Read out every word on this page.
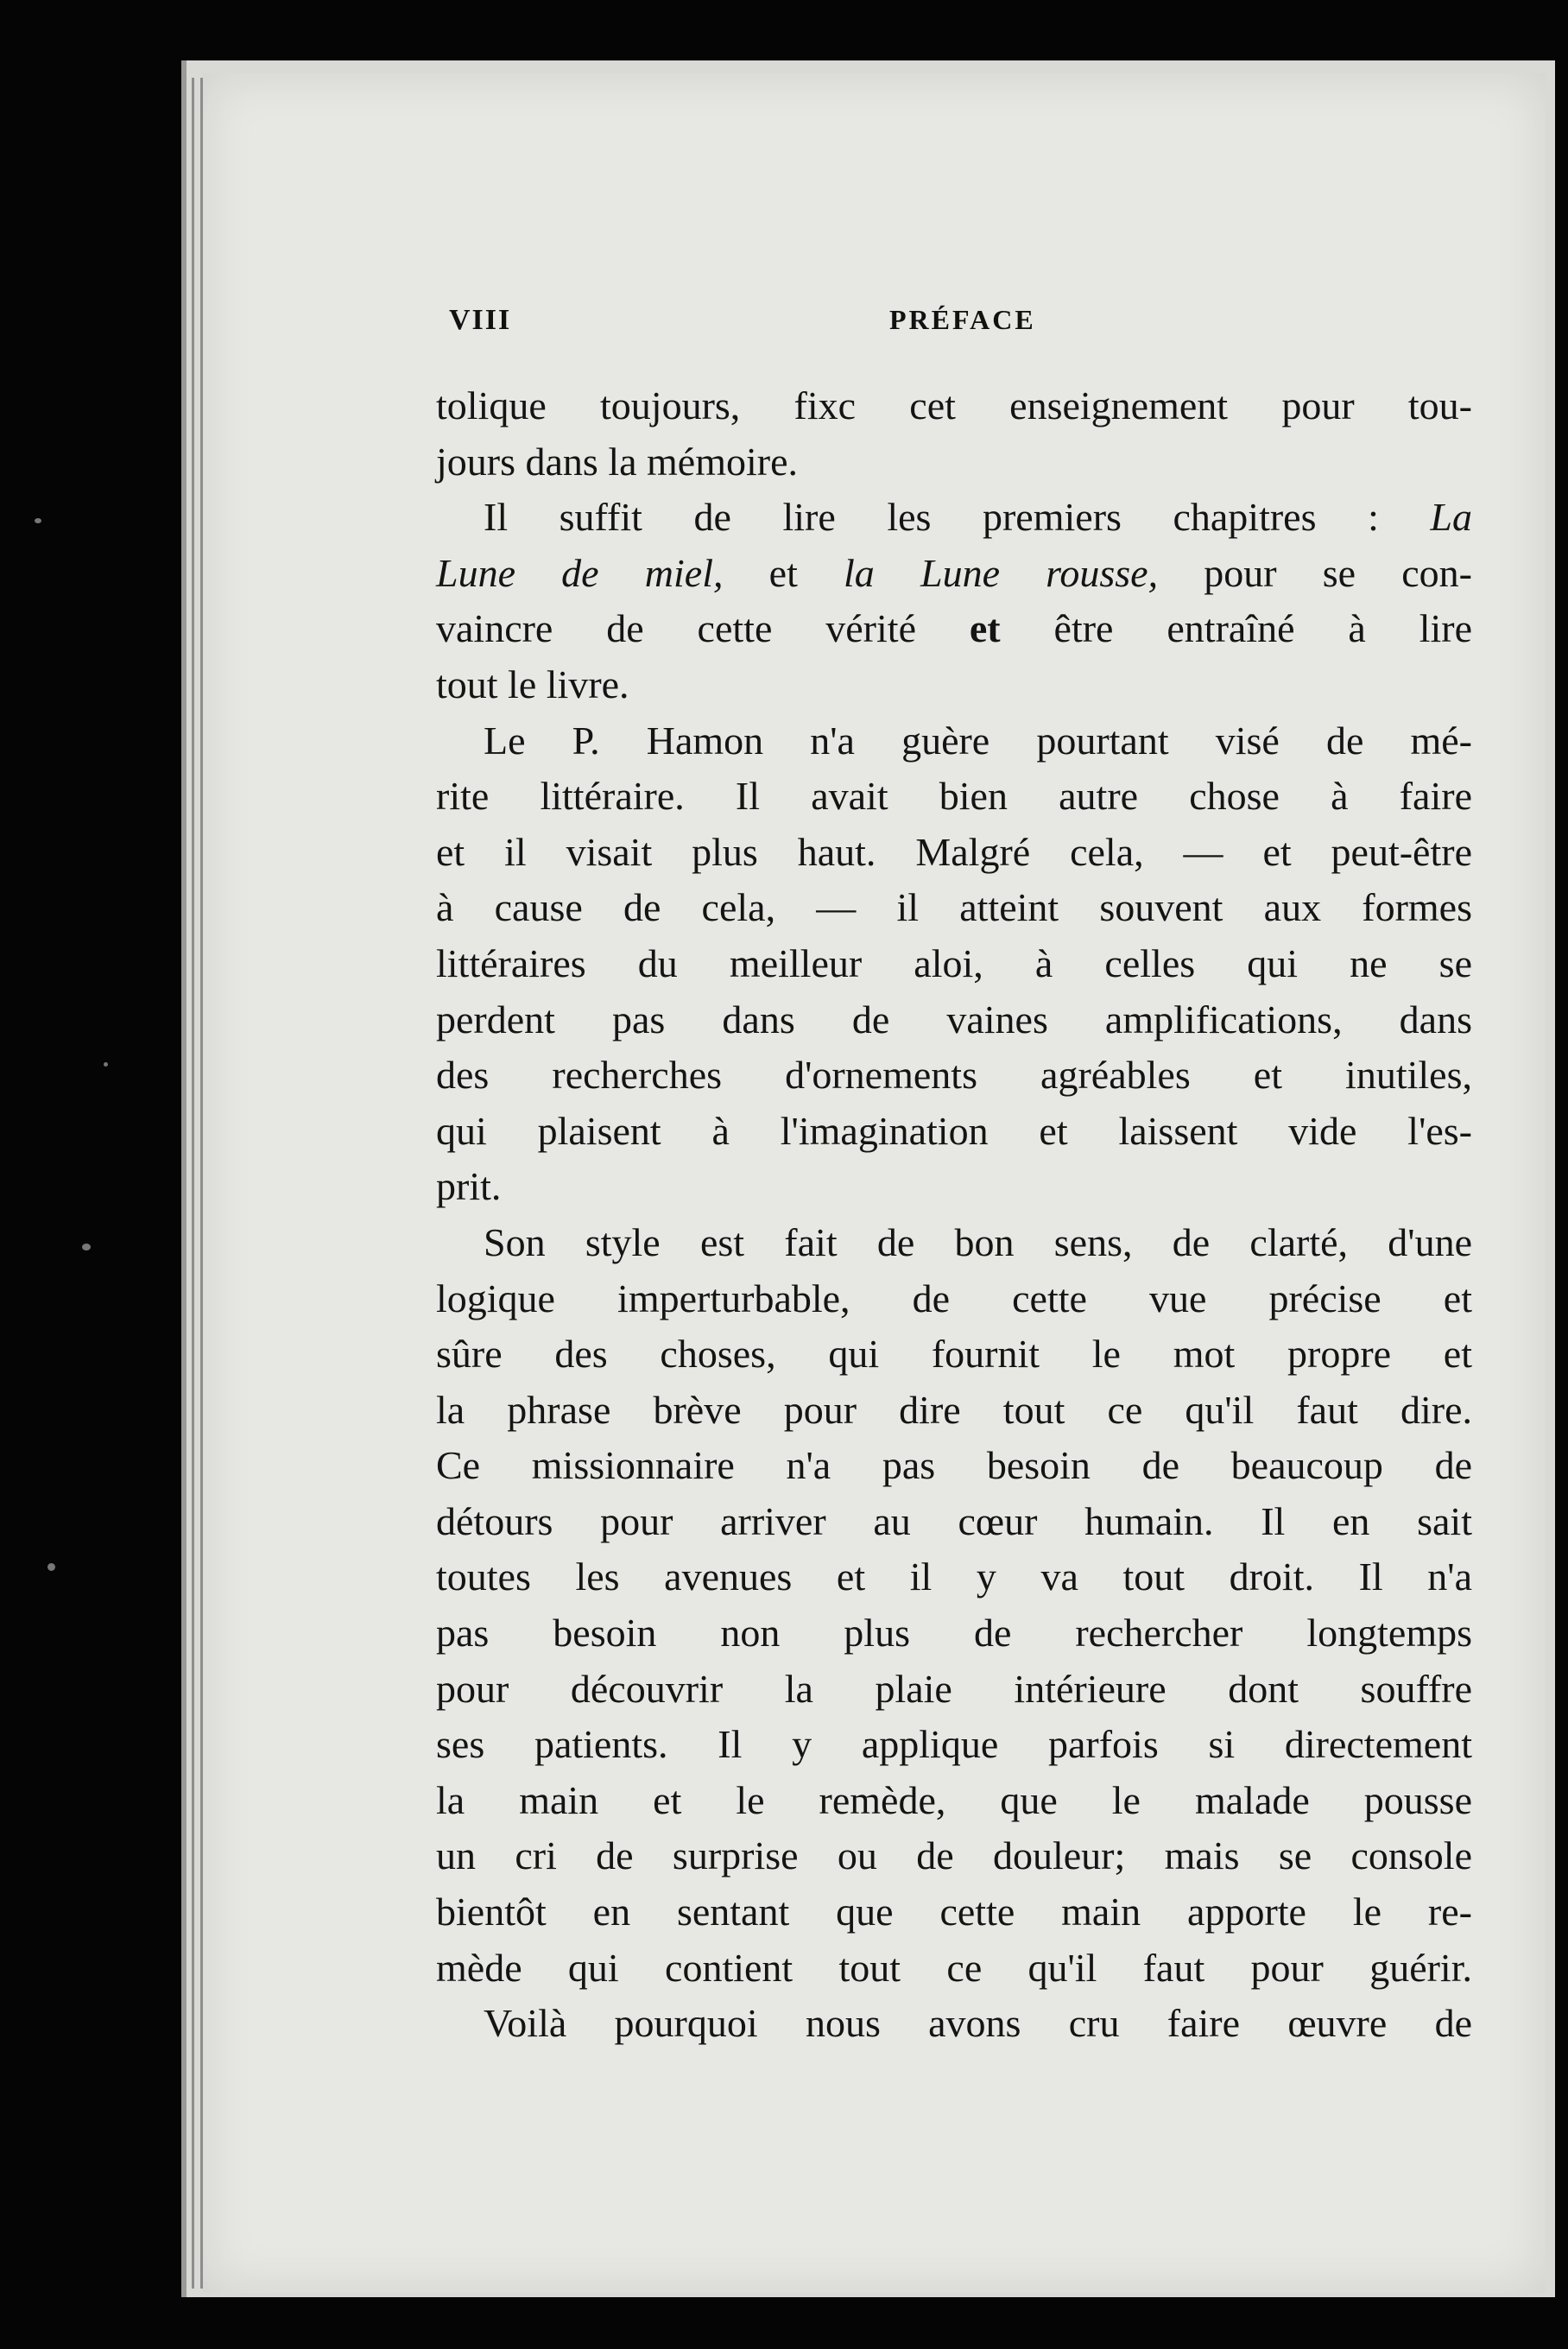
VIII	PRÉFACE
tolique toujours, fixc cet enseignement pour tou-
jours dans la mémoire.
Il suffit de lire les premiers chapitres : La
Lune de miel, et la Lune rousse, pour se con-
vaincre de cette vérité et être entraîné à lire
tout le livre.
Le P. Hamon n'a guère pourtant visé de mé-
rite littéraire. Il avait bien autre chose à faire
et il visait plus haut. Malgré cela, — et peut-être
à cause de cela, — il atteint souvent aux formes
littéraires du meilleur aloi, à celles qui ne se
perdent pas dans de vaines amplifications, dans
des recherches d'ornements agréables et inutiles,
qui plaisent à l'imagination et laissent vide l'es-
prit.
Son style est fait de bon sens, de clarté, d'une
logique imperturbable, de cette vue précise et
sûre des choses, qui fournit le mot propre et
la phrase brève pour dire tout ce qu'il faut dire.
Ce missionnaire n'a pas besoin de beaucoup de
détours pour arriver au cœur humain. Il en sait
toutes les avenues et il y va tout droit. Il n'a
pas besoin non plus de rechercher longtemps
pour découvrir la plaie intérieure dont souffre
ses patients. Il y applique parfois si directement
la main et le remède, que le malade pousse
un cri de surprise ou de douleur; mais se console
bientôt en sentant que cette main apporte le re-
mède qui contient tout ce qu'il faut pour guérir.
Voilà pourquoi nous avons cru faire œuvre de
